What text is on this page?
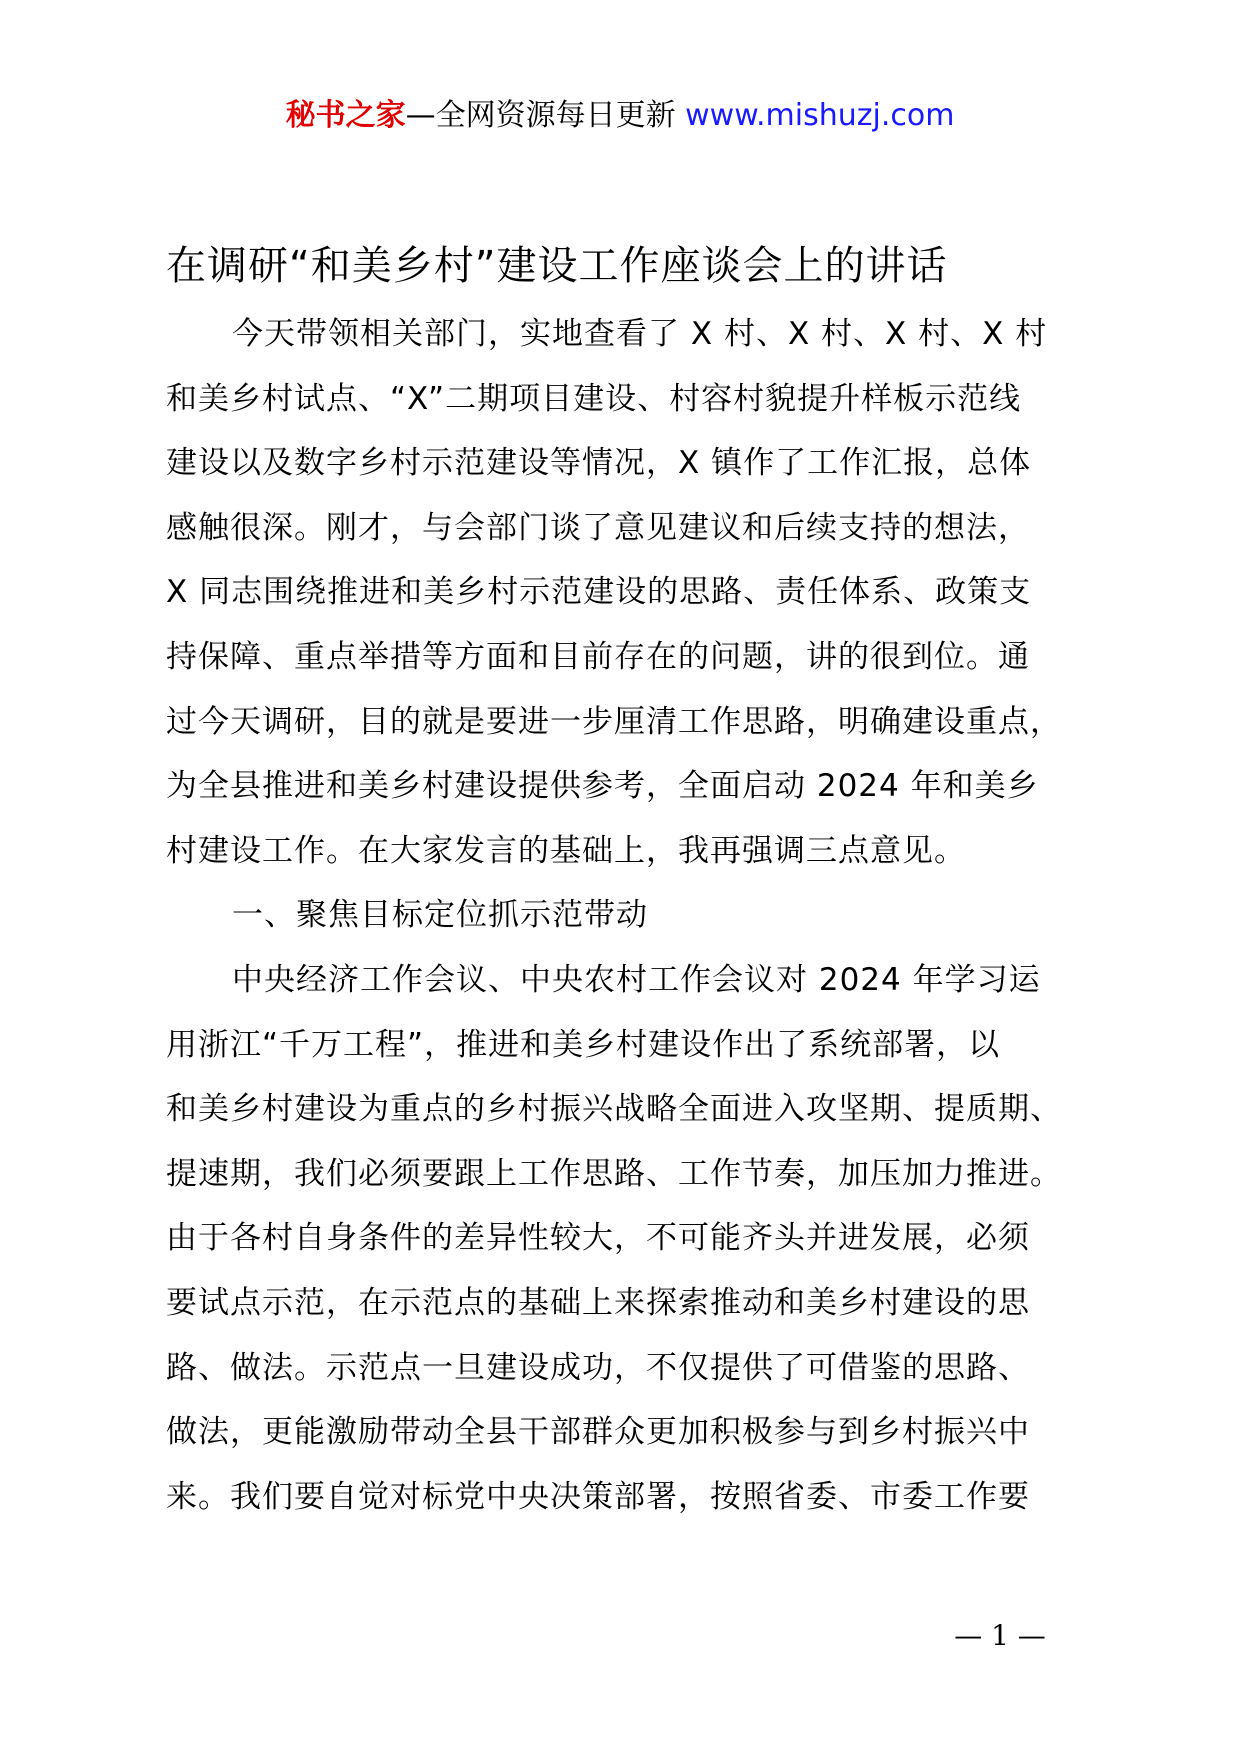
秘书之家—全网资源每日更新 www.mishuzj.com
在调研“和美乡村”建设工作座谈会上的讲话
今天带领相关部门，实地查看了 X 村、X 村、X 村、X 村
和美乡村试点、“X”二期项目建设、村容村貌提升样板示范线
建设以及数字乡村示范建设等情况，X 镇作了工作汇报，总体
感触很深。刚才，与会部门谈了意见建议和后续支持的想法，
X 同志围绕推进和美乡村示范建设的思路、责任体系、政策支
持保障、重点举措等方面和目前存在的问题，讲的很到位。通
过今天调研，目的就是要进一步厘清工作思路，明确建设重点，
为全县推进和美乡村建设提供参考，全面启动 2024 年和美乡
村建设工作。在大家发言的基础上，我再强调三点意见。
一、聚焦目标定位抓示范带动
中央经济工作会议、中央农村工作会议对 2024 年学习运
用浙江“千万工程”，推进和美乡村建设作出了系统部署，以
和美乡村建设为重点的乡村振兴战略全面进入攻坚期、提质期、
提速期，我们必须要跟上工作思路、工作节奏，加压加力推进。
由于各村自身条件的差异性较大，不可能齐头并进发展，必须
要试点示范，在示范点的基础上来探索推动和美乡村建设的思
路、做法。示范点一旦建设成功，不仅提供了可借鉴的思路、
做法，更能激励带动全县干部群众更加积极参与到乡村振兴中
来。我们要自觉对标党中央决策部署，按照省委、市委工作要
— 1 —
